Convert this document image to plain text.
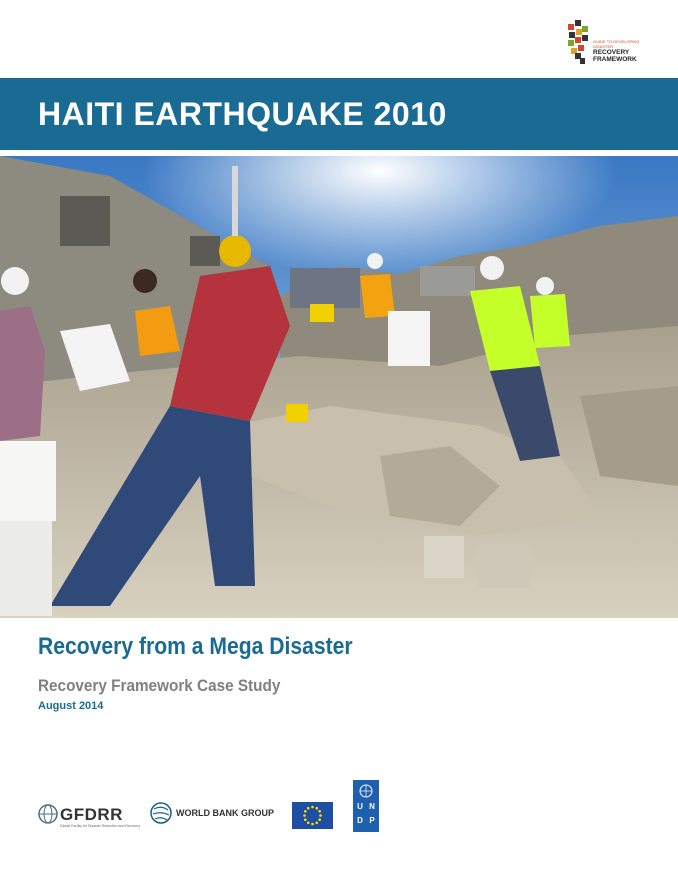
GUIDE TO DEVELOPING DISASTER
RECOVERY
FRAMEWORK
HAITI EARTHQUAKE 2010
Recovery from a Mega Disaster

Recovery Framework Case Study

August 2014

GFDRR
Global Facility for Disaster Reduction and Recovery
WORLD BANK GROUP
U N
D P
